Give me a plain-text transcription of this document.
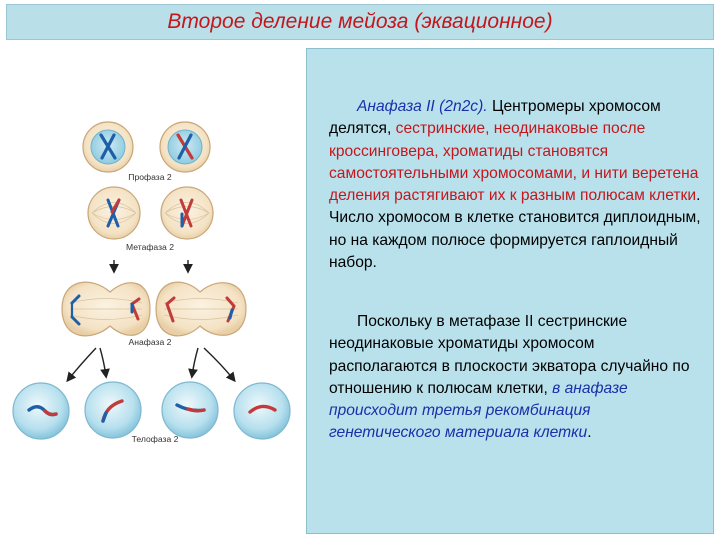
Второе деление мейоза (эквационное)
Профаза 2
Метафаза 2
Анафаза 2
Телофаза 2
Анафаза II (2n2c). Центромеры хромосом делятся, сестринские, неодинаковые после кроссинговера, хроматиды становятся самостоятельными хромосомами, и нити веретена деления растягивают их к разным полюсам клетки. Число хромосом в клетке становится диплоидным, но на каждом полюсе формируется гаплоидный набор.
Поскольку в метафазе II сестринские неодинаковые хроматиды хромосом располагаются в плоскости экватора случайно по отношению к полюсам клетки, в анафазе происходит третья рекомбинация генетического материала клетки.
